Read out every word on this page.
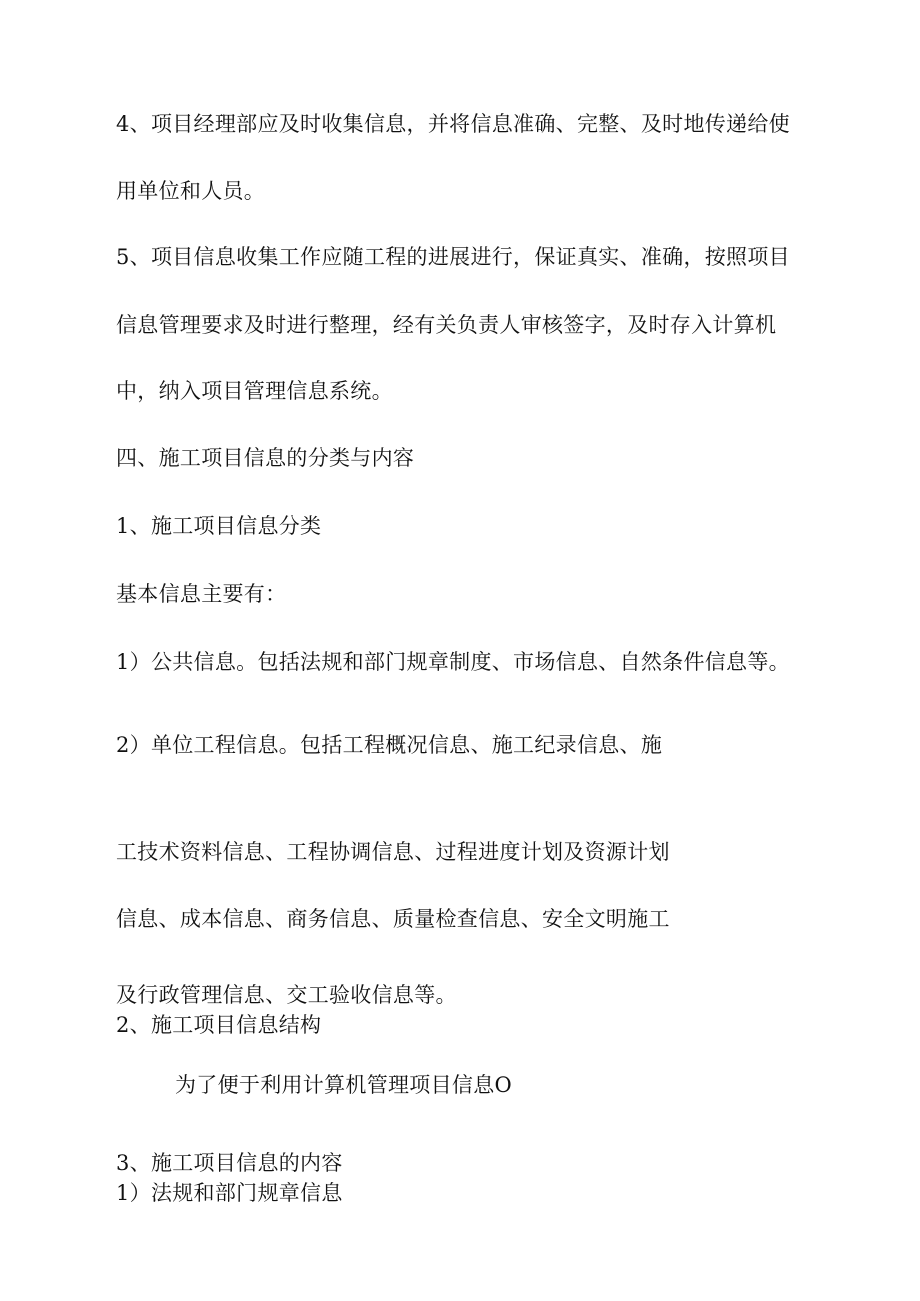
4、项目经理部应及时收集信息，并将信息准确、完整、及时地传递给使

用单位和人员。

5、项目信息收集工作应随工程的进展进行，保证真实、准确，按照项目

信息管理要求及时进行整理，经有关负责人审核签字，及时存入计算机

中，纳入项目管理信息系统。

四、施工项目信息的分类与内容

1、施工项目信息分类

基本信息主要有：

1）公共信息。包括法规和部门规章制度、市场信息、自然条件信息等。

2）单位工程信息。包括工程概况信息、施工纪录信息、施

工技术资料信息、工程协调信息、过程进度计划及资源计划

信息、成本信息、商务信息、质量检查信息、安全文明施工

及行政管理信息、交工验收信息等。

2、施工项目信息结构

为了便于利用计算机管理项目信息O

3、施工项目信息的内容

1）法规和部门规章信息
